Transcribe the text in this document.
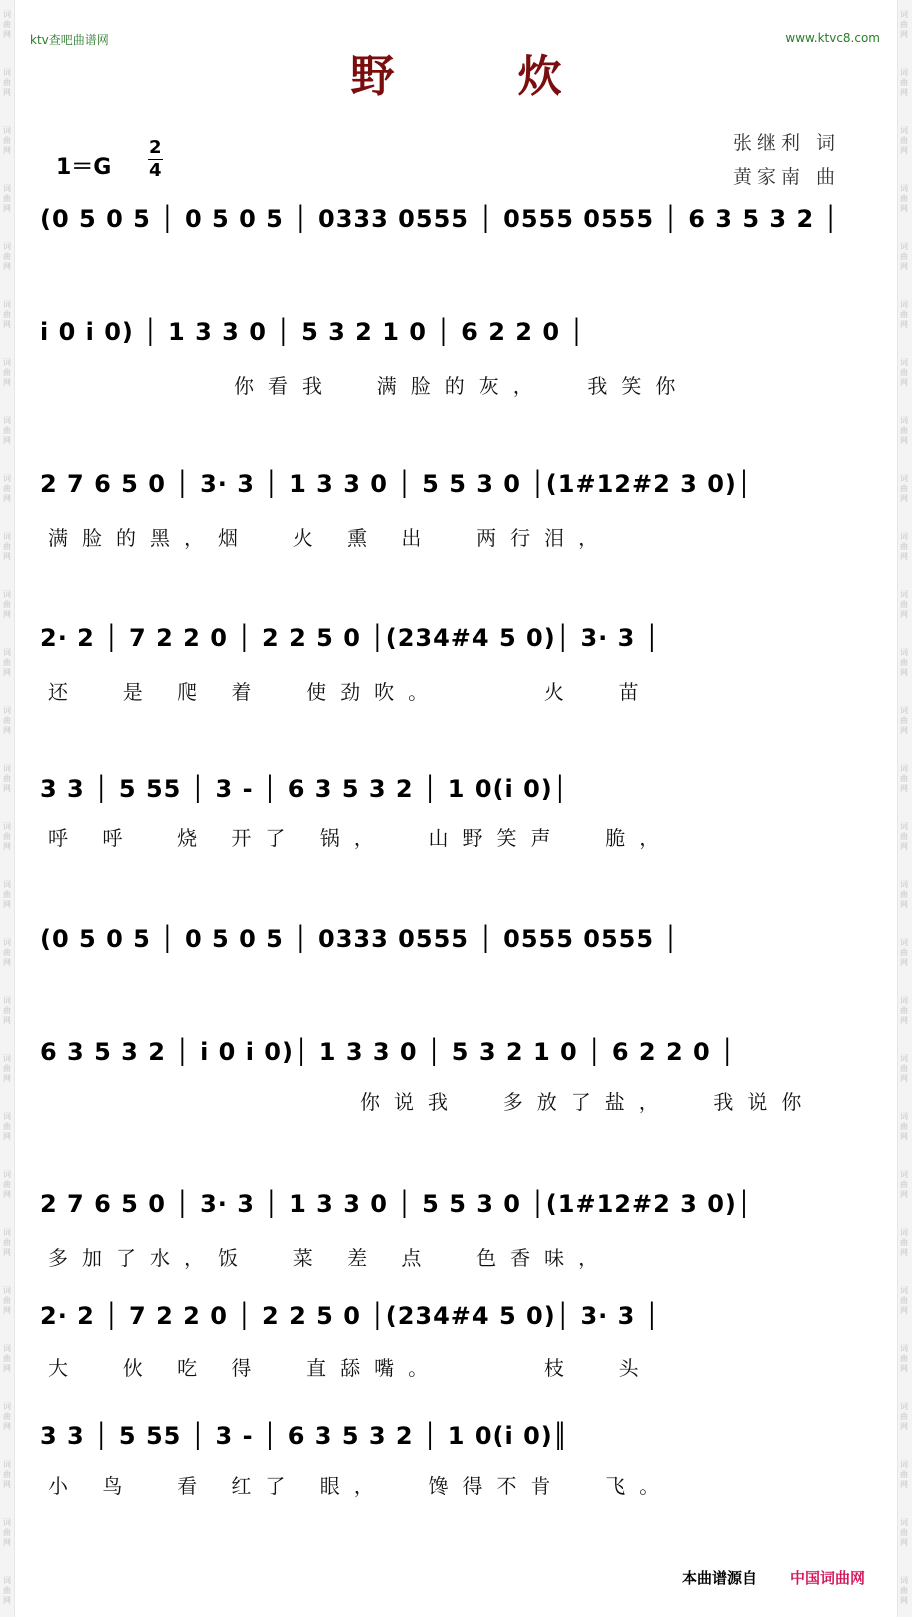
词
曲
网
词
曲
网
词
曲
网
词
曲
网
词
曲
网
词
曲
网
词
曲
网
词
曲
网
词
曲
网
词
曲
网
词
曲
网
词
曲
网
词
曲
网
词
曲
网
词
曲
网
词
曲
网
词
曲
网
词
曲
网
词
曲
网
词
曲
网
词
曲
网
词
曲
网
词
曲
网
词
曲
网
词
曲
网
词
曲
网
词
曲
网
词
曲
网
词
曲
网
词
曲
网
词
曲
网
词
曲
网
词
曲
网
词
曲
网
词
曲
网
词
曲
网
词
曲
网
词
曲
网
词
曲
网
词
曲
网
词
曲
网
词
曲
网
词
曲
网
词
曲
网
词
曲
网
词
曲
网
词
曲
网
词
曲
网
词
曲
网
词
曲
网
词
曲
网
词
曲
网
词
曲
网
词
曲
网
词
曲
网
词
曲
网
ktv查吧曲谱网	www.ktvc8.com
野 炊
张继利 词
黄家南 曲
$1=G \frac{2}{4}$
(0 5 0 5 │ 0 5 0 5 │ 0333 0555 │ 0555 0555 │ 6 3 5 3 2 │
i 0 i 0) │ 1 3 3 0 │ 5 3 2 1 0 │ 6 2 2 0 │
你看我  满脸的灰，  我笑你
2 7 6 5 0 │ 3· 3 │ 1 3 3 0 │ 5 5 3 0 │(1#12#2 3 0)│
满脸的黑，烟  火 熏 出  两行泪，
2· 2 │ 7 2 2 0 │ 2 2 5 0 │(234#4 5 0)│ 3· 3 │
还  是 爬 着  使劲吹。     火  苗
3 3 │ 5 55 │ 3 - │ 6 3 5 3 2 │ 1 0(i 0)│
呼 呼  烧 开了 锅，  山野笑声  脆，
(0 5 0 5 │ 0 5 0 5 │ 0333 0555 │ 0555 0555 │
6 3 5 3 2 │ i 0 i 0)│ 1 3 3 0 │ 5 3 2 1 0 │ 6 2 2 0 │
你说我  多放了盐，  我说你
2 7 6 5 0 │ 3· 3 │ 1 3 3 0 │ 5 5 3 0 │(1#12#2 3 0)│
多加了水，饭  菜 差 点  色香味，
2· 2 │ 7 2 2 0 │ 2 2 5 0 │(234#4 5 0)│ 3· 3 │
大  伙 吃 得  直舔嘴。     枝  头
3 3 │ 5 55 │ 3 - │ 6 3 5 3 2 │ 1 0(i 0)║
小 鸟  看 红了 眼，  馋得不肯  飞。
本曲谱源自 中国词曲网
